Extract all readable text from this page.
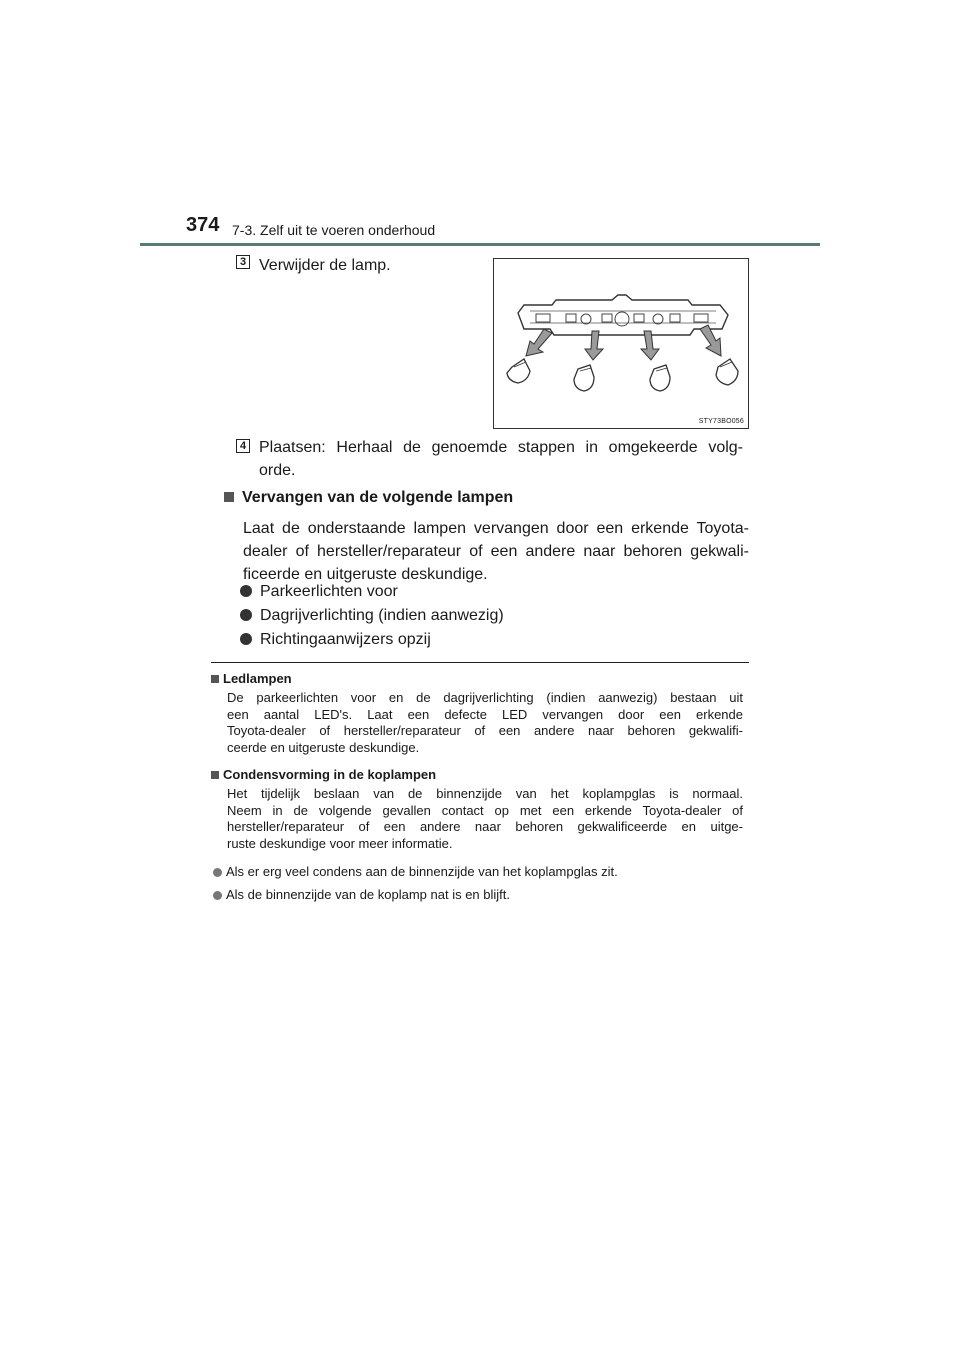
374 7-3. Zelf uit te voeren onderhoud
3 Verwijder de lamp.
STY73BO056
4 Plaatsen: Herhaal de genoemde stappen in omgekeerde volg-
orde.
Vervangen van de volgende lampen
Laat de onderstaande lampen vervangen door een erkende Toyota-
dealer of hersteller/reparateur of een andere naar behoren gekwali-
ficeerde en uitgeruste deskundige.
Parkeerlichten voor
Dagrijverlichting (indien aanwezig)
Richtingaanwijzers opzij
Ledlampen
De parkeerlichten voor en de dagrijverlichting (indien aanwezig) bestaan uit
een aantal LED's. Laat een defecte LED vervangen door een erkende
Toyota-dealer of hersteller/reparateur of een andere naar behoren gekwalifi-
ceerde en uitgeruste deskundige.
Condensvorming in de koplampen
Het tijdelijk beslaan van de binnenzijde van het koplampglas is normaal.
Neem in de volgende gevallen contact op met een erkende Toyota-dealer of
hersteller/reparateur of een andere naar behoren gekwalificeerde en uitge-
ruste deskundige voor meer informatie.
Als er erg veel condens aan de binnenzijde van het koplampglas zit.
Als de binnenzijde van de koplamp nat is en blijft.
